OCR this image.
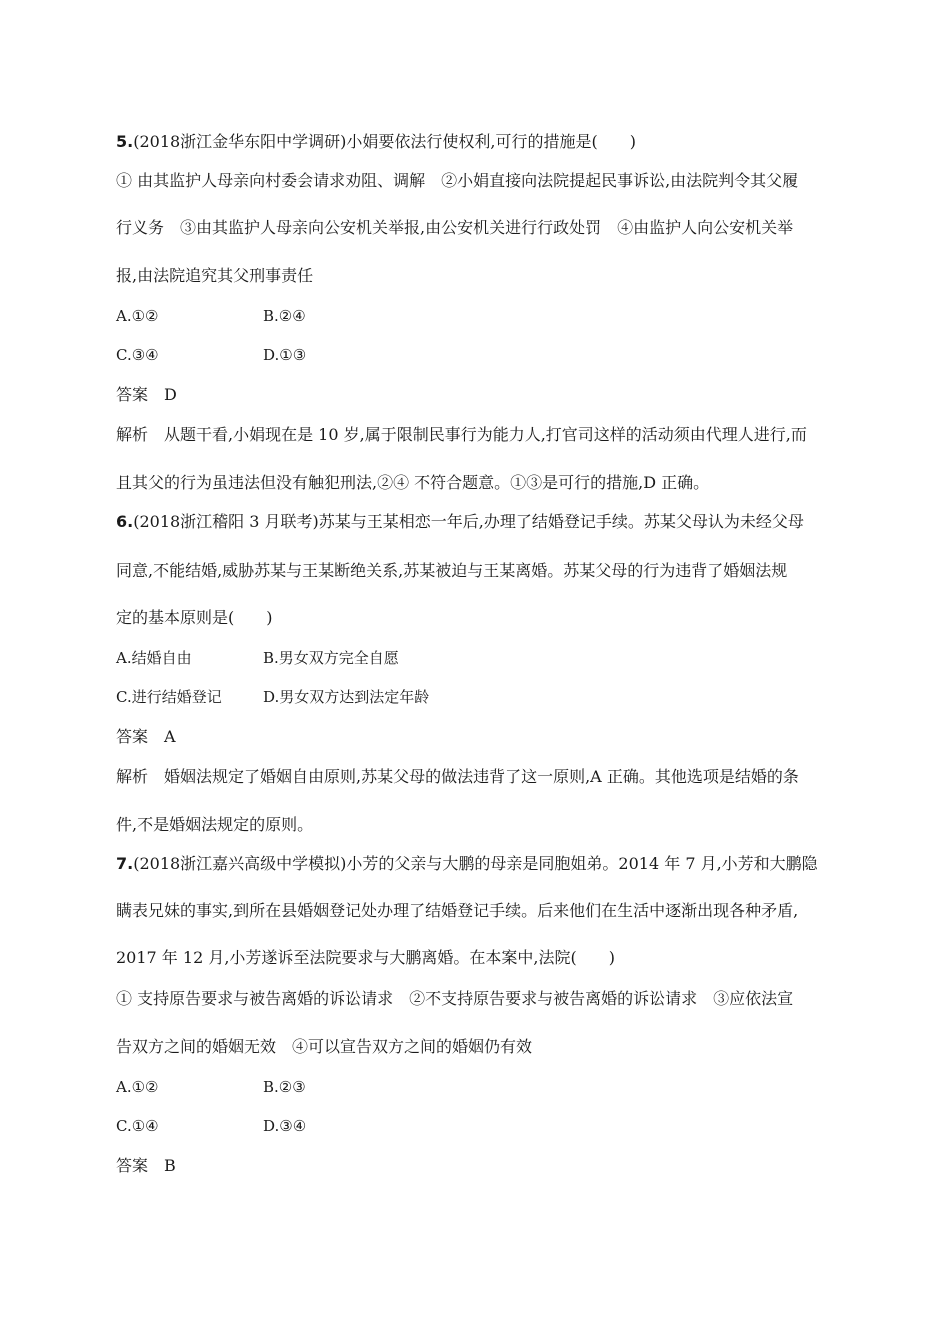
5.(2018浙江金华东阳中学调研)小娟要依法行使权利,可行的措施是(　　)
① 由其监护人母亲向村委会请求劝阻、调解　②小娟直接向法院提起民事诉讼,由法院判令其父履
行义务　③由其监护人母亲向公安机关举报,由公安机关进行行政处罚　④由监护人向公安机关举
报,由法院追究其父刑事责任
A.①②	B.②④
C.③④	D.①③
答案　D
解析　从题干看,小娟现在是 10 岁,属于限制民事行为能力人,打官司这样的活动须由代理人进行,而
且其父的行为虽违法但没有触犯刑法,②④ 不符合题意。①③是可行的措施,D 正确。
6.(2018浙江稽阳 3 月联考)苏某与王某相恋一年后,办理了结婚登记手续。苏某父母认为未经父母
同意,不能结婚,威胁苏某与王某断绝关系,苏某被迫与王某离婚。苏某父母的行为违背了婚姻法规
定的基本原则是(　　)
A.结婚自由	B.男女双方完全自愿
C.进行结婚登记	D.男女双方达到法定年龄
答案　A
解析　婚姻法规定了婚姻自由原则,苏某父母的做法违背了这一原则,A 正确。其他选项是结婚的条
件,不是婚姻法规定的原则。
7.(2018浙江嘉兴高级中学模拟)小芳的父亲与大鹏的母亲是同胞姐弟。2014 年 7 月,小芳和大鹏隐
瞒表兄妹的事实,到所在县婚姻登记处办理了结婚登记手续。后来他们在生活中逐渐出现各种矛盾,
2017 年 12 月,小芳遂诉至法院要求与大鹏离婚。在本案中,法院(　　)
① 支持原告要求与被告离婚的诉讼请求　②不支持原告要求与被告离婚的诉讼请求　③应依法宣
告双方之间的婚姻无效　④可以宣告双方之间的婚姻仍有效
A.①②	B.②③
C.①④	D.③④
答案　B
